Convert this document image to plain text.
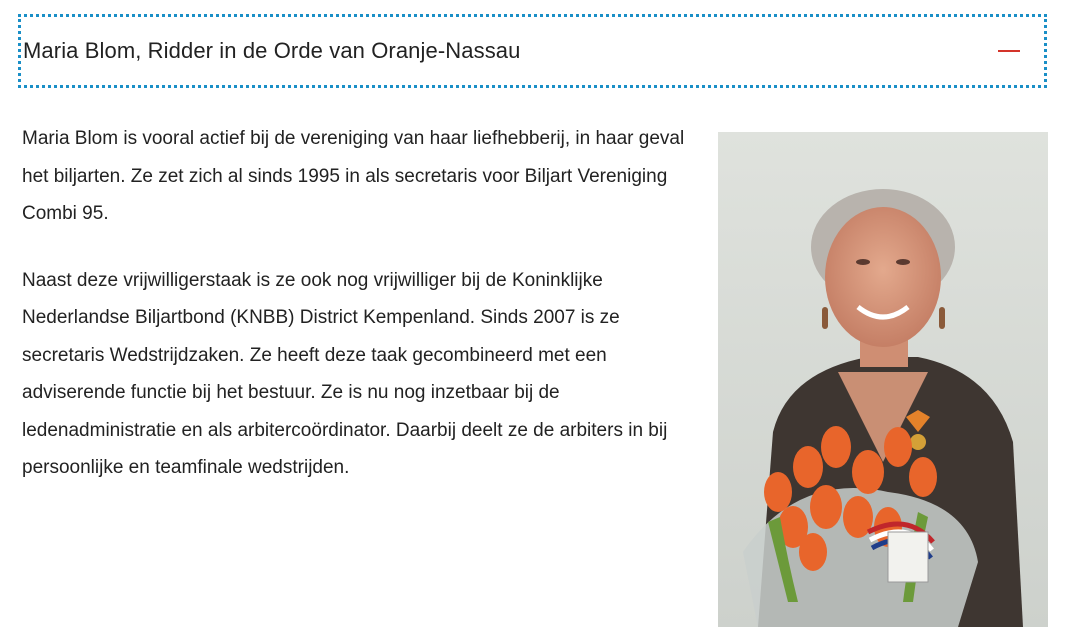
Maria Blom, Ridder in de Orde van Oranje-Nassau

Maria Blom is vooral actief bij de vereniging van haar liefhebberij, in haar geval het biljarten. Ze zet zich al sinds 1995 in als secretaris voor Biljart Vereniging Combi 95.

Naast deze vrijwilligerstaak is ze ook nog vrijwilliger bij de Koninklijke Nederlandse Biljartbond (KNBB) District Kempenland. Sinds 2007 is ze secretaris Wedstrijdzaken. Ze heeft deze taak gecombineerd met een adviserende functie bij het bestuur. Ze is nu nog inzetbaar bij de ledenadministratie en als arbitercoördinator. Daarbij deelt ze de arbiters in bij persoonlijke en teamfinale wedstrijden.
